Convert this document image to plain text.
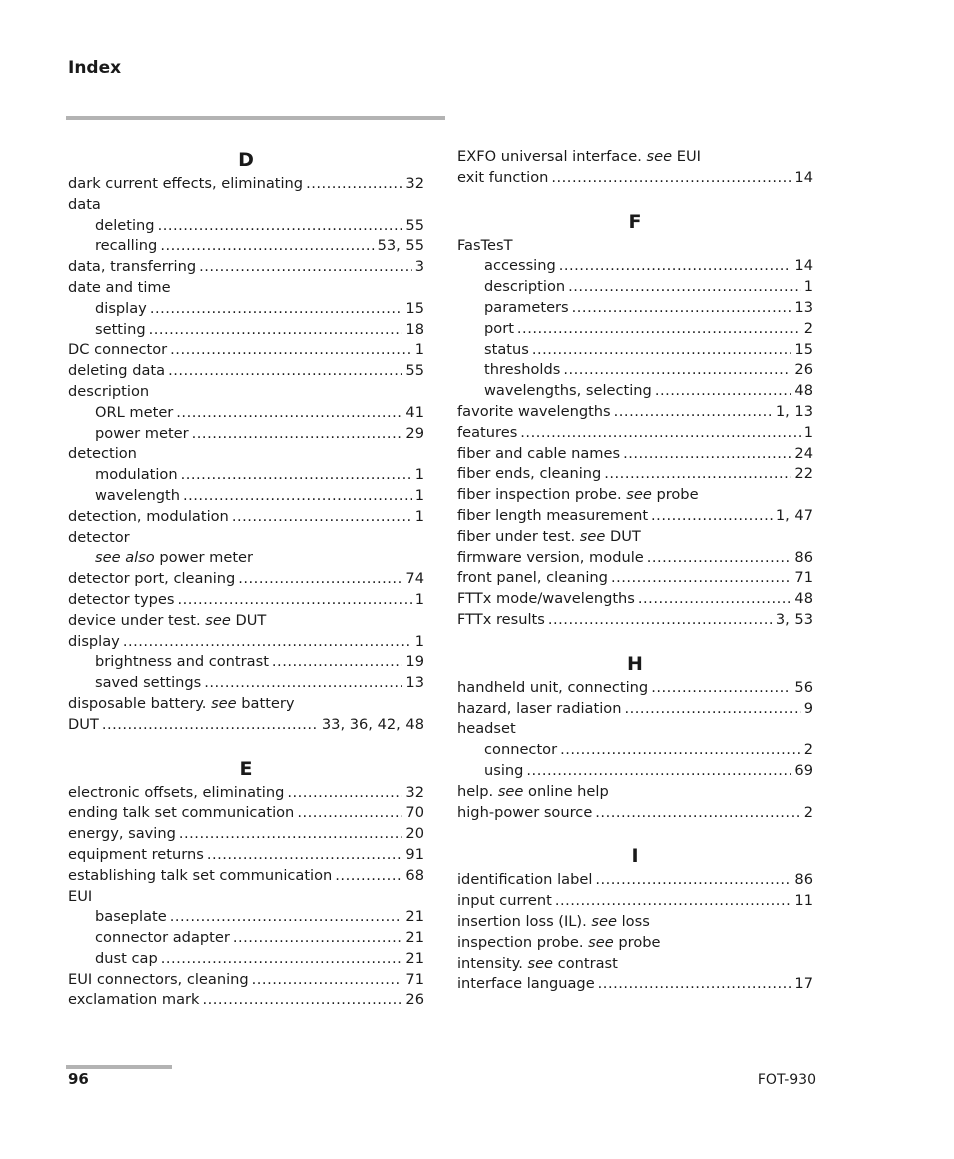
Index
D
dark current effects, eliminating .....	32
data
deleting .....	55
recalling .....	53, 55
data, transferring .....	3
date and time
display .....	15
setting .....	18
DC connector .....	1
deleting data .....	55
description
ORL meter .....	41
power meter .....	29
detection
modulation .....	1
wavelength .....	1
detection, modulation .....	1
detector
see also power meter
detector port, cleaning .....	74
detector types .....	1
device under test. see DUT
display .....	1
brightness and contrast .....	19
saved settings .....	13
disposable battery. see battery
DUT .....	33, 36, 42, 48
E
electronic offsets, eliminating .....	32
ending talk set communication .....	70
energy, saving .....	20
equipment returns .....	91
establishing talk set communication .....	68
EUI
baseplate .....	21
connector adapter .....	21
dust cap .....	21
EUI connectors, cleaning .....	71
exclamation mark .....	26
EXFO universal interface. see EUI
exit function .....	14
F
FasTesT
accessing .....	14
description .....	1
parameters .....	13
port .....	2
status .....	15
thresholds .....	26
wavelengths, selecting .....	48
favorite wavelengths .....	1, 13
features .....	1
fiber and cable names .....	24
fiber ends, cleaning .....	22
fiber inspection probe. see probe
fiber length measurement .....	1, 47
fiber under test. see DUT
firmware version, module .....	86
front panel, cleaning .....	71
FTTx mode/wavelengths .....	48
FTTx results .....	3, 53
H
handheld unit, connecting .....	56
hazard, laser radiation .....	9
headset
connector .....	2
using .....	69
help. see online help
high-power source .....	2
I
identification label .....	86
input current .....	11
insertion loss (IL). see loss
inspection probe. see probe
intensity. see contrast
interface language .....	17
96	FOT-930
